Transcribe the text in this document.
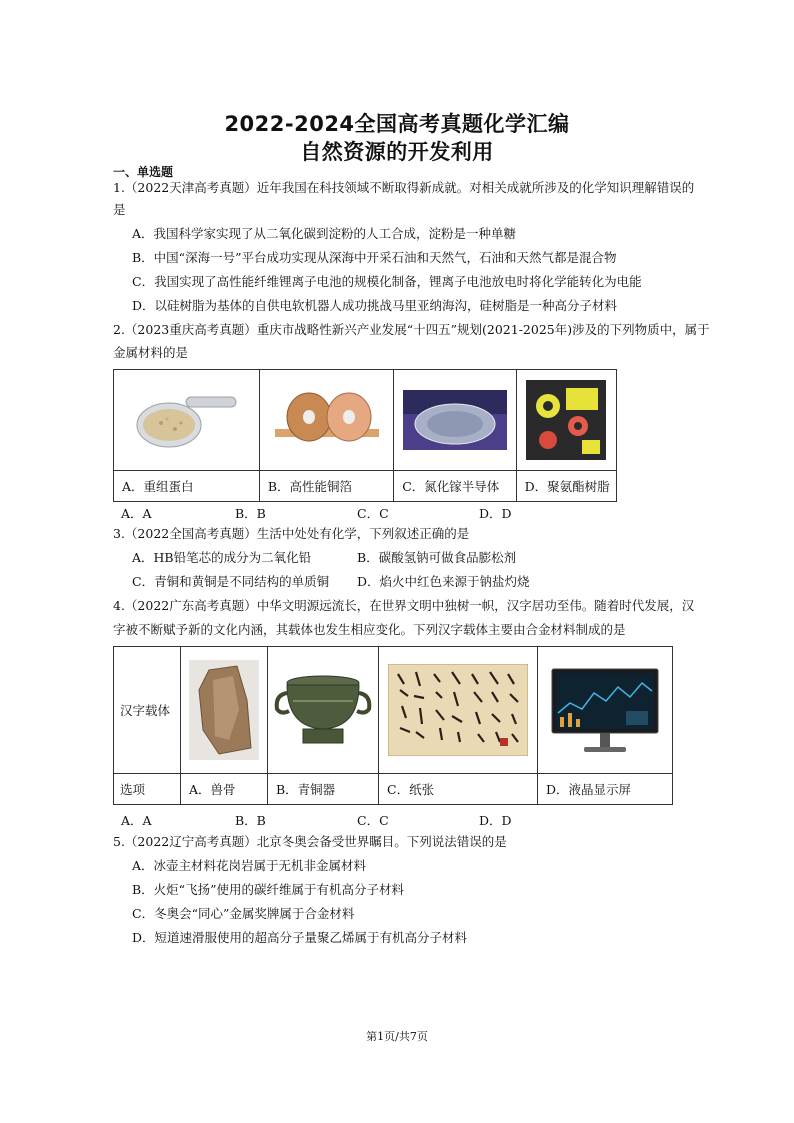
2022-2024全国高考真题化学汇编
自然资源的开发利用
一、单选题
1.（2022天津高考真题）近年我国在科技领域不断取得新成就。对相关成就所涉及的化学知识理解错误的
是
A．我国科学家实现了从二氧化碳到淀粉的人工合成，淀粉是一种单糖
B．中国“深海一号”平台成功实现从深海中开采石油和天然气，石油和天然气都是混合物
C．我国实现了高性能纤维锂离子电池的规模化制备，锂离子电池放电时将化学能转化为电能
D．以硅树脂为基体的自供电软机器人成功挑战马里亚纳海沟，硅树脂是一种高分子材料
2.（2023重庆高考真题）重庆市战略性新兴产业发展“十四五”规划(2021-2025年)涉及的下列物质中，属于
金属材料的是

A．重组蛋白	B．高性能铜箔	C．氮化镓半导体	D．聚氨酯树脂
A．A	B．B	C．C	D．D
3.（2022全国高考真题）生活中处处有化学，下列叙述正确的是
A．HB铅笔芯的成分为二氧化铅	B．碳酸氢钠可做食品膨松剂
C．青铜和黄铜是不同结构的单质铜 D．焰火中红色来源于钠盐灼烧
4.（2022广东高考真题）中华文明源远流长，在世界文明中独树一帜，汉字居功至伟。随着时代发展，汉
字被不断赋予新的文化内涵，其载体也发生相应变化。下列汉字载体主要由合金材料制成的是
汉字载体	

选项	A．兽骨	B．青铜器	C．纸张	D．液晶显示屏
A．A	B．B	C．C	D．D
5.（2022辽宁高考真题）北京冬奥会备受世界瞩目。下列说法错误的是
A．冰壶主材料花岗岩属于无机非金属材料
B．火炬“飞扬”使用的碳纤维属于有机高分子材料
C．冬奥会“同心”金属奖牌属于合金材料
D．短道速滑服使用的超高分子量聚乙烯属于有机高分子材料
第1页/共7页
